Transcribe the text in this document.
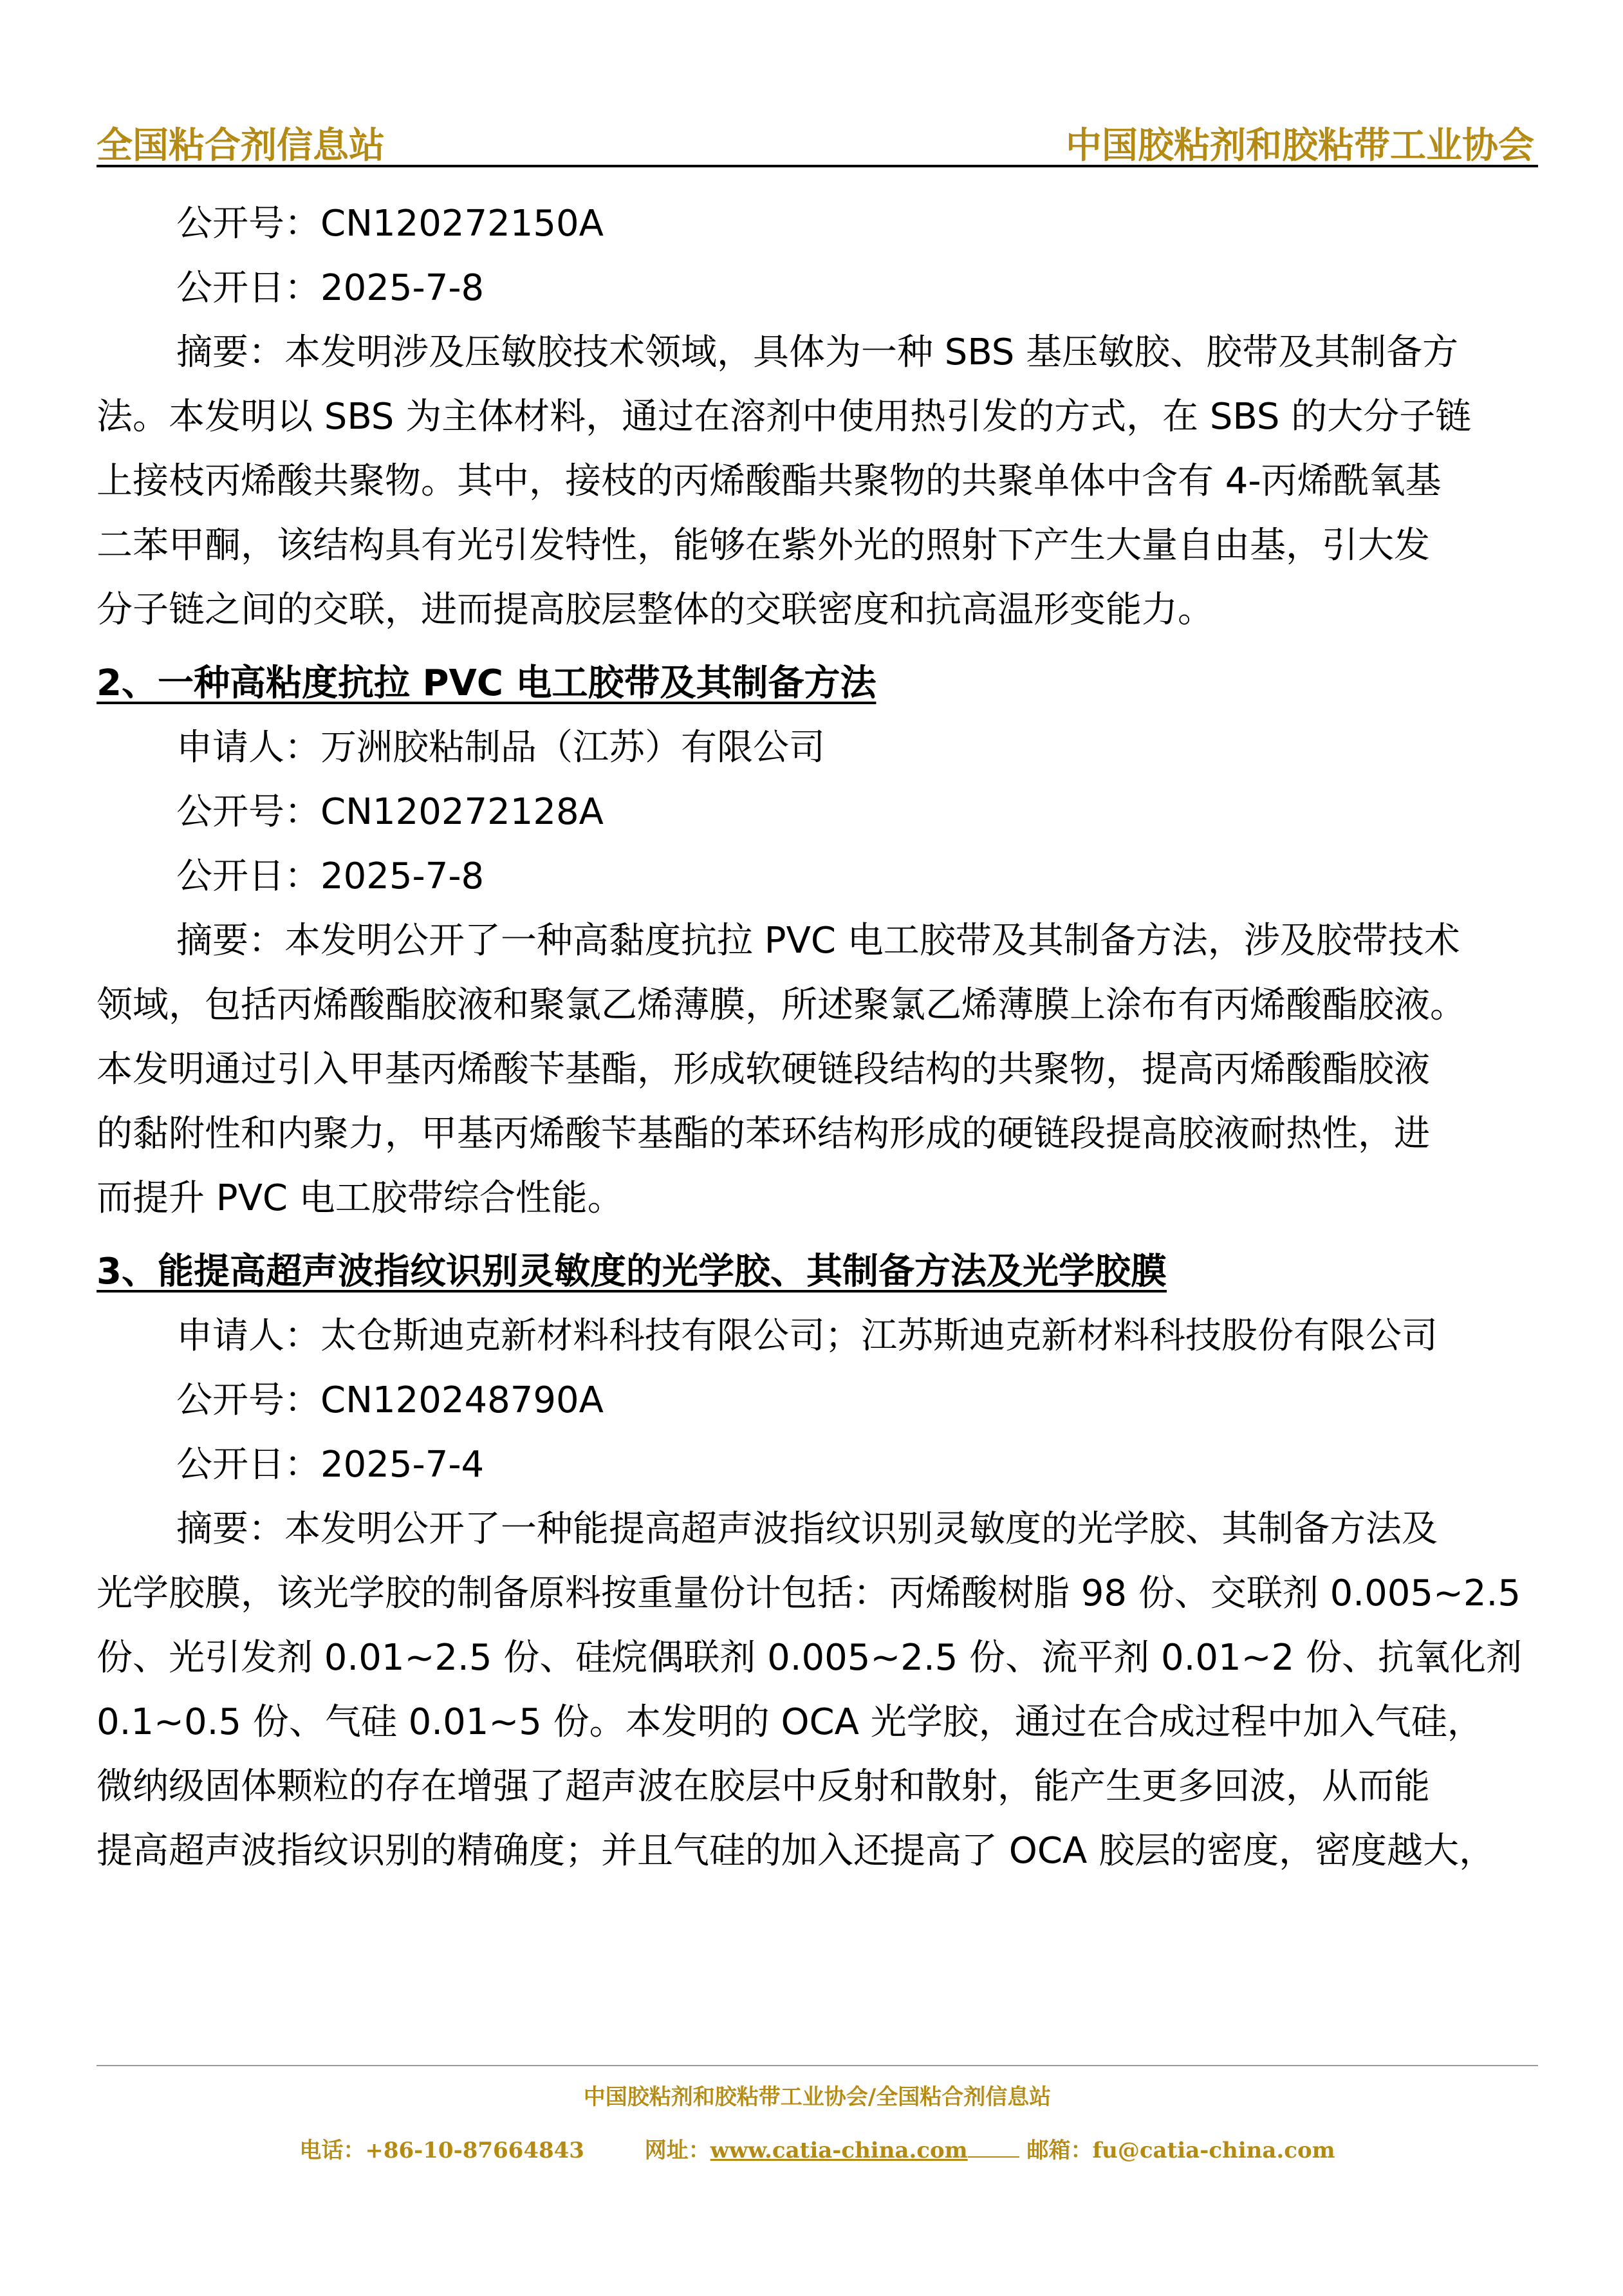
全国粘合剂信息站	中国胶粘剂和胶粘带工业协会
公开号：CN120272150A
公开日：2025-7-8
摘要：本发明涉及压敏胶技术领域，具体为一种 SBS 基压敏胶、胶带及其制备方
法。本发明以 SBS 为主体材料，通过在溶剂中使用热引发的方式，在 SBS 的大分子链
上接枝丙烯酸共聚物。其中，接枝的丙烯酸酯共聚物的共聚单体中含有 4-丙烯酰氧基
二苯甲酮，该结构具有光引发特性，能够在紫外光的照射下产生大量自由基，引大发
分子链之间的交联，进而提高胶层整体的交联密度和抗高温形变能力。
2、一种高粘度抗拉 PVC 电工胶带及其制备方法
申请人：万洲胶粘制品（江苏）有限公司
公开号：CN120272128A
公开日：2025-7-8
摘要：本发明公开了一种高黏度抗拉 PVC 电工胶带及其制备方法，涉及胶带技术
领域，包括丙烯酸酯胶液和聚氯乙烯薄膜，所述聚氯乙烯薄膜上涂布有丙烯酸酯胶液。
本发明通过引入甲基丙烯酸苄基酯，形成软硬链段结构的共聚物，提高丙烯酸酯胶液
的黏附性和内聚力，甲基丙烯酸苄基酯的苯环结构形成的硬链段提高胶液耐热性，进
而提升 PVC 电工胶带综合性能。
3、能提高超声波指纹识别灵敏度的光学胶、其制备方法及光学胶膜
申请人：太仓斯迪克新材料科技有限公司；江苏斯迪克新材料科技股份有限公司
公开号：CN120248790A
公开日：2025-7-4
摘要：本发明公开了一种能提高超声波指纹识别灵敏度的光学胶、其制备方法及
光学胶膜，该光学胶的制备原料按重量份计包括：丙烯酸树脂 98 份、交联剂 0.005~2.5
份、光引发剂 0.01~2.5 份、硅烷偶联剂 0.005~2.5 份、流平剂 0.01~2 份、抗氧化剂
0.1~0.5 份、气硅 0.01~5 份。本发明的 OCA 光学胶，通过在合成过程中加入气硅，
微纳级固体颗粒的存在增强了超声波在胶层中反射和散射，能产生更多回波，从而能
提高超声波指纹识别的精确度；并且气硅的加入还提高了 OCA 胶层的密度，密度越大，
中国胶粘剂和胶粘带工业协会/全国粘合剂信息站
电话：+86-10-87664843	网址：www.catia-china.com	邮箱：fu@catia-china.com
